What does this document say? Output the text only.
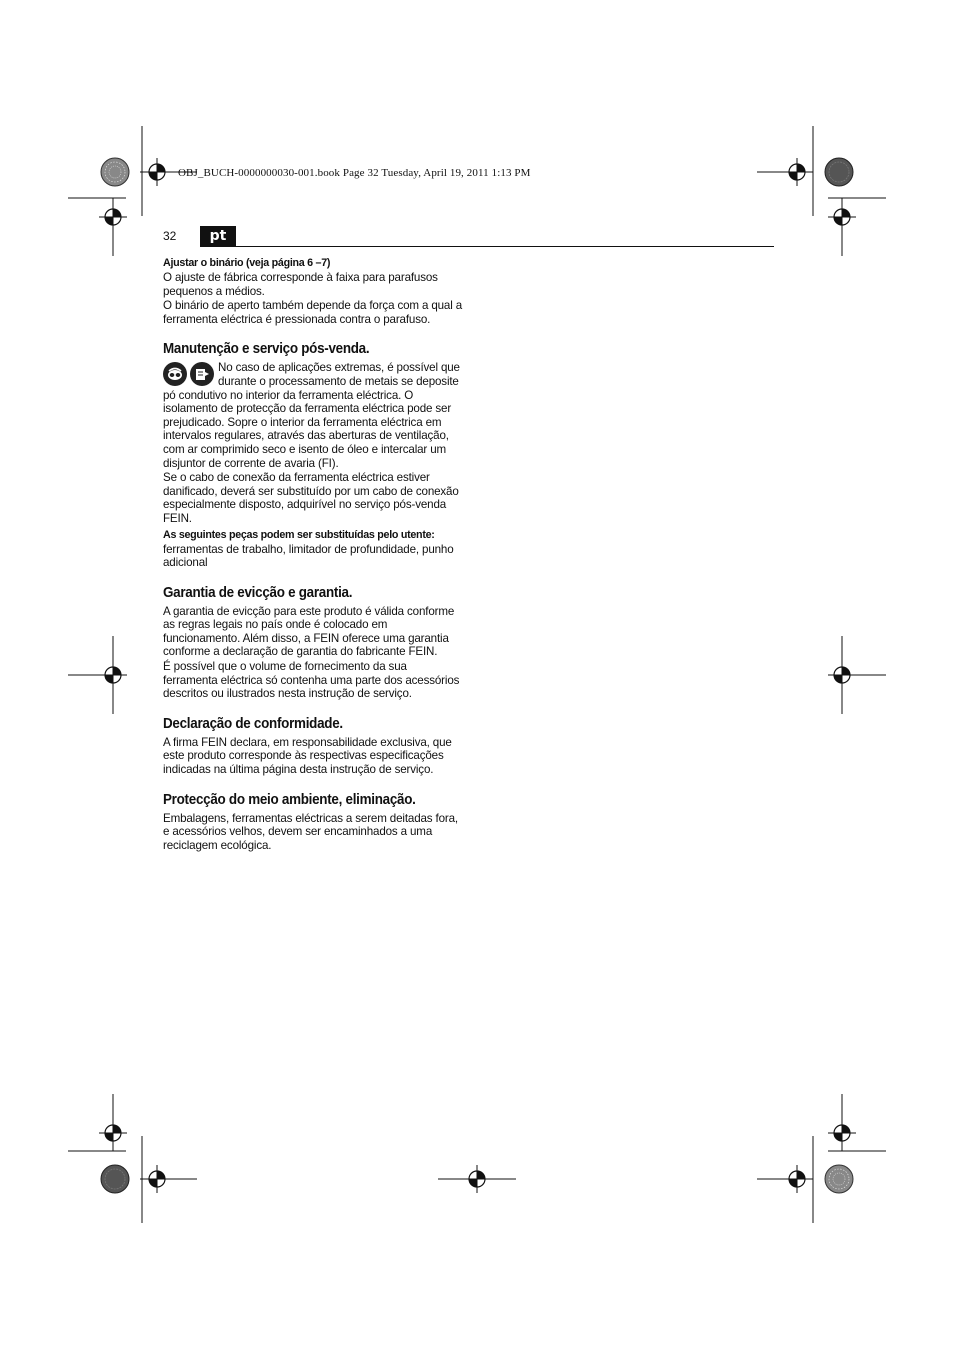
OBJ_BUCH-0000000030-001.book Page 32 Tuesday, April 19, 2011 1:13 PM
32	pt
Ajustar o binário (veja página 6 –7)

O ajuste de fábrica corresponde à faixa para parafusos pequenos a médios.

O binário de aperto também depende da força com a qual a ferramenta eléctrica é pressionada contra o parafuso.

Manutenção e serviço pós-venda.

No caso de aplicações extremas, é possível que durante o processamento de metais se deposite pó condutivo no interior da ferramenta eléctrica. O isolamento de protecção da ferramenta eléctrica pode ser prejudicado. Sopre o interior da ferramenta eléctrica em intervalos regulares, através das aberturas de ventilação, com ar comprimido seco e isento de óleo e intercalar um disjuntor de corrente de avaria (FI).

Se o cabo de conexão da ferramenta eléctrica estiver danificado, deverá ser substituído por um cabo de conexão especialmente disposto, adquirível no serviço pós-venda FEIN.

As seguintes peças podem ser substituídas pelo utente:

ferramentas de trabalho, limitador de profundidade, punho adicional

Garantia de evicção e garantia.

A garantia de evicção para este produto é válida conforme as regras legais no país onde é colocado em funcionamento. Além disso, a FEIN oferece uma garantia conforme a declaração de garantia do fabricante FEIN.

É possível que o volume de fornecimento da sua ferramenta eléctrica só contenha uma parte dos acessórios descritos ou ilustrados nesta instrução de serviço.

Declaração de conformidade.

A firma FEIN declara, em responsabilidade exclusiva, que este produto corresponde às respectivas especificações indicadas na última página desta instrução de serviço.

Protecção do meio ambiente, eliminação.

Embalagens, ferramentas eléctricas a serem deitadas fora, e acessórios velhos, devem ser encaminhados a uma reciclagem ecológica.
